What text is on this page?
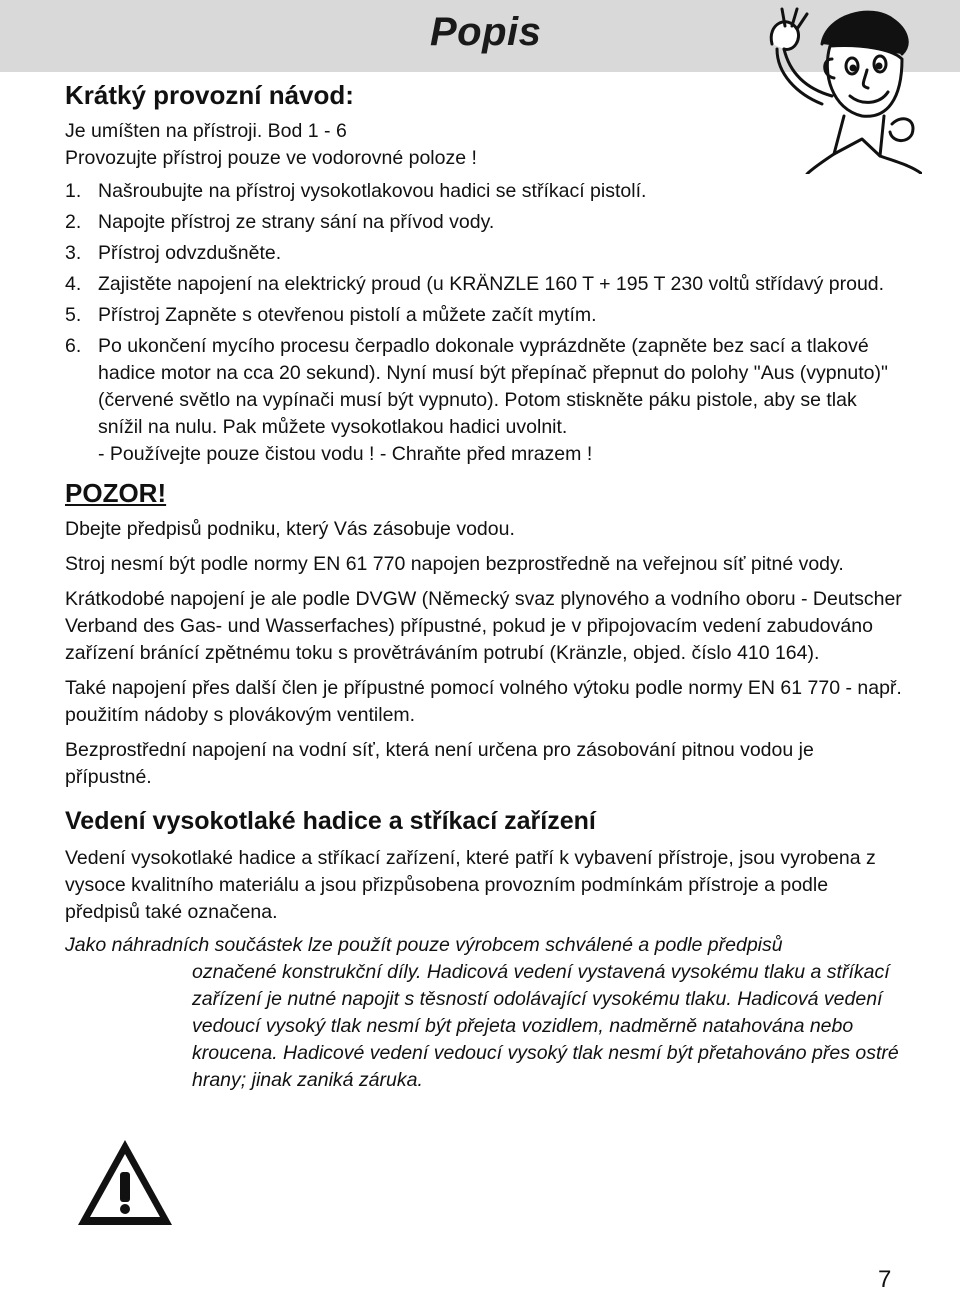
Popis
Krátký provozní návod:

Je umíšten na přístroji. Bod 1 - 6

Provozujte přístroj pouze ve vodorovné poloze !

1. Našroubujte na přístroj vysokotlakovou hadici se stříkací pistolí.
2. Napojte přístroj ze strany sání na přívod vody.
3. Přístroj odvzdušněte.
4. Zajistěte napojení na elektrický proud (u KRÄNZLE 160 T + 195 T 230 voltů střídavý proud.
5. Přístroj Zapněte s otevřenou pistolí a můžete začít mytím.
6. Po ukončení mycího procesu čerpadlo dokonale vyprázdněte (zapněte bez sací a tlakové hadice motor na cca 20 sekund). Nyní musí být přepínač přepnut do polohy "Aus (vypnuto)" (červené světlo na vypínači musí být vypnuto). Potom stiskněte páku pistole, aby se tlak snížil na nulu. Pak můžete vysokotlakou hadici uvolnit.
- Používejte pouze čistou vodu ! - Chraňte před mrazem !
POZOR!

Dbejte předpisů podniku, který Vás zásobuje vodou.

Stroj nesmí být podle normy EN 61 770 napojen bezprostředně na veřejnou síť pitné vody.

Krátkodobé napojení je ale podle DVGW (Německý svaz plynového a vodního oboru - Deutscher Verband des Gas- und Wasserfaches) přípustné, pokud je v připojovacím vedení zabudováno zařízení bránící zpětnému toku s provětráváním potrubí (Kränzle, objed. číslo 410 164).

Také napojení přes další člen je přípustné pomocí volného výtoku podle normy EN 61 770 - např. použitím nádoby s plovákovým ventilem.

Bezprostřední napojení na vodní síť, která není určena pro zásobování pitnou vodou je přípustné.

Vedení vysokotlaké hadice a stříkací zařízení

Vedení vysokotlaké hadice a stříkací zařízení, které patří k vybavení přístroje, jsou vyrobena z vysoce kvalitního materiálu a jsou přizpůsobena provozním podmínkám přístroje a podle předpisů také označena.

Jako náhradních součástek lze použít pouze výrobcem schválené a podle předpisů

označené konstrukční díly. Hadicová vedení vystavená vysokému tlaku a stříkací zařízení je nutné napojit s těsností odolávající vysokému tlaku. Hadicová vedení vedoucí vysoký tlak nesmí být přejeta vozidlem, nadměrně natahována nebo kroucena. Hadicové vedení vedoucí vysoký tlak nesmí být přetahováno přes ostré hrany; jinak zaniká záruka.

7
